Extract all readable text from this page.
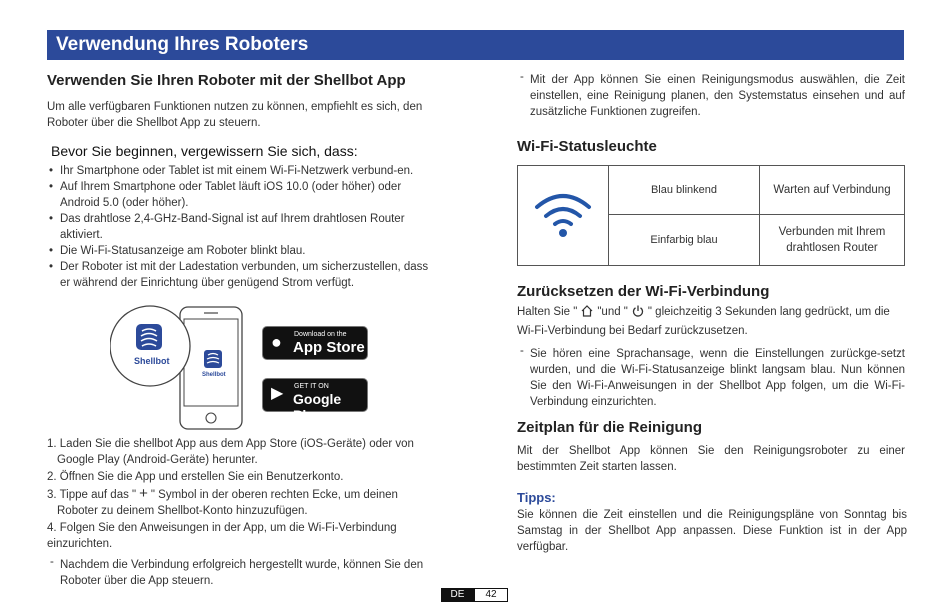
Verwendung Ihres Roboters
Verwenden Sie Ihren Roboter mit der Shellbot App

Um alle verfügbaren Funktionen nutzen zu können, empfiehlt es sich, den Roboter über die Shellbot App zu steuern.

Bevor Sie beginnen, vergewissern Sie sich, dass:
• Ihr Smartphone oder Tablet ist mit einem Wi-Fi-Netzwerk verbund-en.
• Auf Ihrem Smartphone oder Tablet läuft iOS 10.0 (oder höher) oder Android 5.0 (oder höher).
• Das drahtlose 2,4-GHz-Band-Signal ist auf Ihrem drahtlosen Router aktiviert.
• Die Wi-Fi-Statusanzeige am Roboter blinkt blau.
• Der Roboter ist mit der Ladestation verbunden, um sicherzustellen, dass er während der Einrichtung über genügend Strom verfügt.
Shellbot
Shellbot
● Download on the
App Store
▶ GET IT ON
Google Play

1. Laden Sie die shellbot App aus dem App Store (iOS-Geräte) oder von Google Play (Android-Geräte) herunter.

2. Öffnen Sie die App und erstellen Sie ein Benutzerkonto.

3. Tippe auf das " + " Symbol in der oberen rechten Ecke, um deinen Roboter zu deinem Shellbot-Konto hinzuzufügen.

4. Folgen Sie den Anweisungen in der App, um die Wi-Fi-Verbindung einzurichten.

- Nachdem die Verbindung erfolgreich hergestellt wurde, können Sie den Roboter über die App steuern.
- Mit der App können Sie einen Reinigungsmodus auswählen, die Zeit einstellen, eine Reinigung planen, den Systemstatus einsehen und auf zusätzliche Funktionen zugreifen.
Wi-Fi-Statusleuchte
	Blau blinkend	Warten auf Verbindung
	Einfarbig blau	Verbunden mit Ihrem drahtlosen Router
Zurücksetzen der Wi-Fi-Verbindung

Halten Sie " "und " " gleichzeitig 3 Sekunden lang gedrückt, um die Wi-Fi-Verbindung bei Bedarf zurückzusetzen.

- Sie hören eine Sprachansage, wenn die Einstellungen zurückge-setzt wurden, und die Wi-Fi-Statusanzeige blinkt langsam blau. Nun können Sie den Wi-Fi-Anweisungen in der Shellbot App folgen, um die Wi-Fi-Verbindung einzurichten.
Zeitplan für die Reinigung

Mit der Shellbot App können Sie den Reinigungsroboter zu einer bestimmten Zeit starten lassen.

Tipps:

Sie können die Zeit einstellen und die Reinigungspläne von Sonntag bis Samstag in der Shellbot App anpassen. Diese Funktion ist in der App verfügbar.

DE 42
